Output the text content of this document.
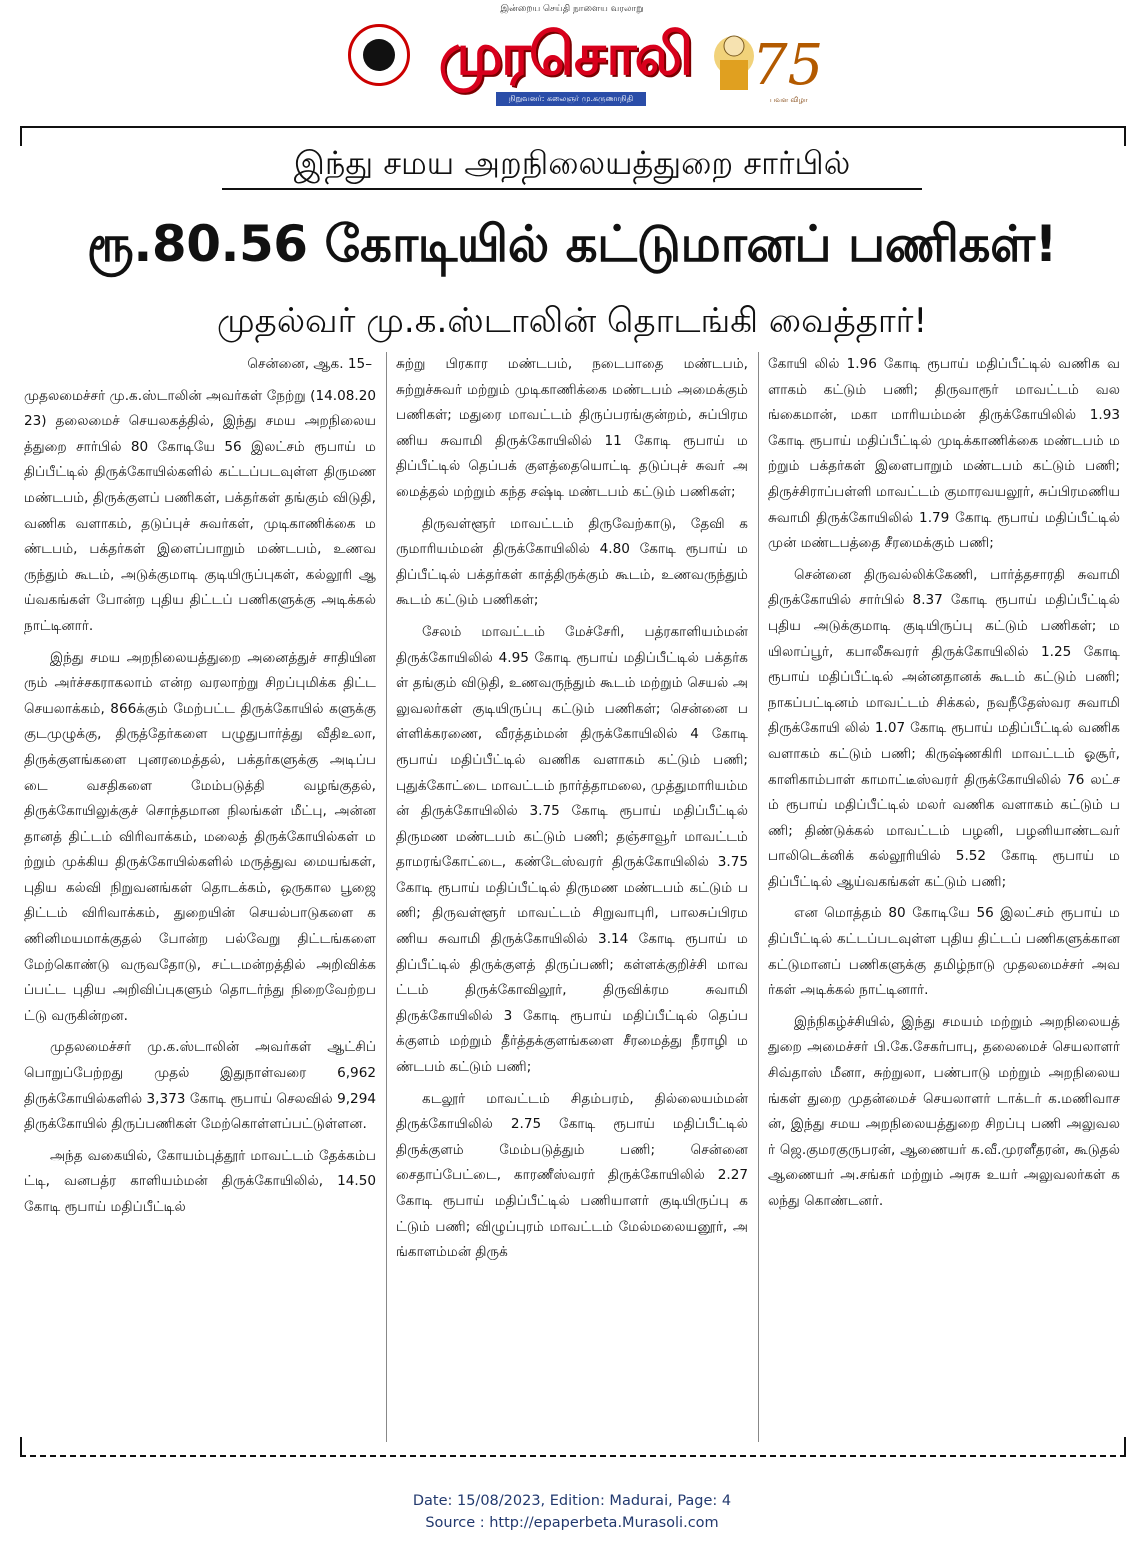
இன்றைய செய்தி நாளைய வரலாறு
முரசொலி
நிறுவனர்: கலைஞர் மு.கருணாநிதி
75
பவள விழா
இந்து சமய அறநிலையத்துறை சார்பில்
ரூ.80.56 கோடியில் கட்டுமானப் பணிகள்!
முதல்வர் மு.க.ஸ்டாலின் தொடங்கி வைத்தார்!

சென்னை, ஆக. 15–

முதலமைச்சர் மு.க.ஸ்டாலின் அவர்கள் நேற்று (14.08.2023) தலைமைச் செயலகத்தில், இந்து சமய அறநிலையத்துறை சார்பில் 80 கோடியே 56 இலட்சம் ரூபாய் மதிப்பீட்டில் திருக்கோயில்களில் கட்டப்படவுள்ள திருமண மண்டபம், திருக்குளப் பணிகள், பக்தர்கள் தங்கும் விடுதி, வணிக வளாகம், தடுப்புச் சுவர்கள், முடிகாணிக்கை மண்டபம், பக்தர்கள் இளைப்பாறும் மண்டபம், உணவருந்தும் கூடம், அடுக்குமாடி குடியிருப்புகள், கல்லூரி ஆய்வகங்கள் போன்ற புதிய திட்டப் பணிகளுக்கு அடிக்கல் நாட்டினார்.

இந்து சமய அறநிலையத்துறை அனைத்துச் சாதியினரும் அர்ச்சகராகலாம் என்ற வரலாற்று சிறப்புமிக்க திட்ட செயலாக்கம், 866க்கும் மேற்பட்ட திருக்கோயில் களுக்கு குடமுழுக்கு, திருத்தேர்களை பழுதுபார்த்து வீதிஉலா, திருக்குளங்களை புனரமைத்தல், பக்தர்களுக்கு அடிப்படை வசதிகளை மேம்படுத்தி வழங்குதல், திருக்கோயிலுக்குச் சொந்தமான நிலங்கள் மீட்பு, அன்னதானத் திட்டம் விரிவாக்கம், மலைத் திருக்கோயில்கள் மற்றும் முக்கிய திருக்கோயில்களில் மருத்துவ மையங்கள், புதிய கல்வி நிறுவனங்கள் தொடக்கம், ஒருகால பூஜை திட்டம் விரிவாக்கம், துறையின் செயல்பாடுகளை கணினிமயமாக்குதல் போன்ற பல்வேறு திட்டங்களை மேற்கொண்டு வருவதோடு, சட்டமன்றத்தில் அறிவிக்கப்பட்ட புதிய அறிவிப்புகளும் தொடர்ந்து நிறைவேற்றபட்டு வருகின்றன.

முதலமைச்சர் மு.க.ஸ்டாலின் அவர்கள் ஆட்சிப் பொறுப்பேற்றது முதல் இதுநாள்வரை 6,962 திருக்கோயில்களில் 3,373 கோடி ரூபாய் செலவில் 9,294 திருக்கோயில் திருப்பணிகள் மேற்கொள்ளப்பட்டுள்ளன.

அந்த வகையில், கோயம்புத்தூர் மாவட்டம் தேக்கம்பட்டி, வனபத்ர காளியம்மன் திருக்கோயிலில், 14.50 கோடி ரூபாய் மதிப்பீட்டில்

சுற்று பிரகார மண்டபம், நடைபாதை மண்டபம், சுற்றுச்சுவர் மற்றும் முடிகாணிக்கை மண்டபம் அமைக்கும் பணிகள்; மதுரை மாவட்டம் திருப்பரங்குன்றம், சுப்பிரமணிய சுவாமி திருக்கோயிலில் 11 கோடி ரூபாய் மதிப்பீட்டில் தெப்பக் குளத்தையொட்டி தடுப்புச் சுவர் அமைத்தல் மற்றும் கந்த சஷ்டி மண்டபம் கட்டும் பணிகள்;

திருவள்ளூர் மாவட்டம் திருவேற்காடு, தேவி கருமாரியம்மன் திருக்கோயிலில் 4.80 கோடி ரூபாய் மதிப்பீட்டில் பக்தர்கள் காத்திருக்கும் கூடம், உணவருந்தும் கூடம் கட்டும் பணிகள்;

சேலம் மாவட்டம் மேச்சேரி, பத்ரகாளியம்மன் திருக்கோயிலில் 4.95 கோடி ரூபாய் மதிப்பீட்டில் பக்தர்கள் தங்கும் விடுதி, உணவருந்தும் கூடம் மற்றும் செயல் அலுவலர்கள் குடியிருப்பு கட்டும் பணிகள்; சென்னை பள்ளிக்கரணை, வீரத்தம்மன் திருக்கோயிலில் 4 கோடி ரூபாய் மதிப்பீட்டில் வணிக வளாகம் கட்டும் பணி; புதுக்கோட்டை மாவட்டம் நார்த்தாமலை, முத்துமாரியம்மன் திருக்கோயிலில் 3.75 கோடி ரூபாய் மதிப்பீட்டில் திருமண மண்டபம் கட்டும் பணி; தஞ்சாவூர் மாவட்டம் தாமரங்கோட்டை, கண்டேஸ்வரர் திருக்கோயிலில் 3.75 கோடி ரூபாய் மதிப்பீட்டில் திருமண மண்டபம் கட்டும் பணி; திருவள்ளூர் மாவட்டம் சிறுவாபுரி, பாலசுப்பிரமணிய சுவாமி திருக்கோயிலில் 3.14 கோடி ரூபாய் மதிப்பீட்டில் திருக்குளத் திருப்பணி; கள்ளக்குறிச்சி மாவட்டம் திருக்கோவிலூர், திருவிக்ரம சுவாமி திருக்கோயிலில் 3 கோடி ரூபாய் மதிப்பீட்டில் தெப்பக்குளம் மற்றும் தீர்த்தக்குளங்களை சீரமைத்து நீராழி மண்டபம் கட்டும் பணி;

கடலூர் மாவட்டம் சிதம்பரம், தில்லையம்மன் திருக்கோயிலில் 2.75 கோடி ரூபாய் மதிப்பீட்டில் திருக்குளம் மேம்படுத்தும் பணி; சென்னை சைதாப்பேட்டை, காரணீஸ்வரர் திருக்கோயிலில் 2.27 கோடி ரூபாய் மதிப்பீட்டில் பணியாளர் குடியிருப்பு கட்டும் பணி; விழுப்புரம் மாவட்டம் மேல்மலையனூர், அங்காளம்மன் திருக்

கோயி லில் 1.96 கோடி ரூபாய் மதிப்பீட்டில் வணிக வளாகம் கட்டும் பணி; திருவாரூர் மாவட்டம் வலங்கைமான், மகா மாரியம்மன் திருக்கோயிலில் 1.93 கோடி ரூபாய் மதிப்பீட்டில் முடிக்காணிக்கை மண்டபம் மற்றும் பக்தர்கள் இளைபாறும் மண்டபம் கட்டும் பணி; திருச்சிராப்பள்ளி மாவட்டம் குமாரவயலூர், சுப்பிரமணிய சுவாமி திருக்கோயிலில் 1.79 கோடி ரூபாய் மதிப்பீட்டில் முன் மண்டபத்தை சீரமைக்கும் பணி;

சென்னை திருவல்லிக்கேணி, பார்த்தசாரதி சுவாமி திருக்கோயில் சார்பில் 8.37 கோடி ரூபாய் மதிப்பீட்டில் புதிய அடுக்குமாடி குடியிருப்பு கட்டும் பணிகள்; மயிலாப்பூர், கபாலீசுவரர் திருக்கோயிலில் 1.25 கோடி ரூபாய் மதிப்பீட்டில் அன்னதானக் கூடம் கட்டும் பணி; நாகப்பட்டினம் மாவட்டம் சிக்கல், நவநீதேஸ்வர சுவாமி திருக்கோயி லில் 1.07 கோடி ரூபாய் மதிப்பீட்டில் வணிக வளாகம் கட்டும் பணி; கிருஷ்ணகிரி மாவட்டம் ஓசூர், காளிகாம்பாள் காமாட்டீஸ்வரர் திருக்கோயிலில் 76 லட்சம் ரூபாய் மதிப்பீட்டில் மலர் வணிக வளாகம் கட்டும் பணி; திண்டுக்கல் மாவட்டம் பழனி, பழனியாண்டவர் பாலிடெக்னிக் கல்லூரியில் 5.52 கோடி ரூபாய் மதிப்பீட்டில் ஆய்வகங்கள் கட்டும் பணி;

என மொத்தம் 80 கோடியே 56 இலட்சம் ரூபாய் மதிப்பீட்டில் கட்டப்படவுள்ள புதிய திட்டப் பணிகளுக்கான கட்டுமானப் பணிகளுக்கு தமிழ்நாடு முதலமைச்சர் அவர்கள் அடிக்கல் நாட்டினார்.

இந்நிகழ்ச்சியில், இந்து சமயம் மற்றும் அறநிலையத் துறை அமைச்சர் பி.கே.சேகர்பாபு, தலைமைச் செயலாளர் சிவ்தாஸ் மீனா, சுற்றுலா, பண்பாடு மற்றும் அறநிலையங்கள் துறை முதன்மைச் செயலாளர் டாக்டர் க.மணிவாசன், இந்து சமய அறநிலையத்துறை சிறப்பு பணி அலுவலர் ஜெ.குமரகுருபரன், ஆணையர் க.வீ.முரளீதரன், கூடுதல் ஆணையர் அ.சங்கர் மற்றும் அரசு உயர் அலுவலர்கள் கலந்து கொண்டனர்.

Date: 15/08/2023, Edition: Madurai, Page: 4
Source : http://epaperbeta.Murasoli.com
